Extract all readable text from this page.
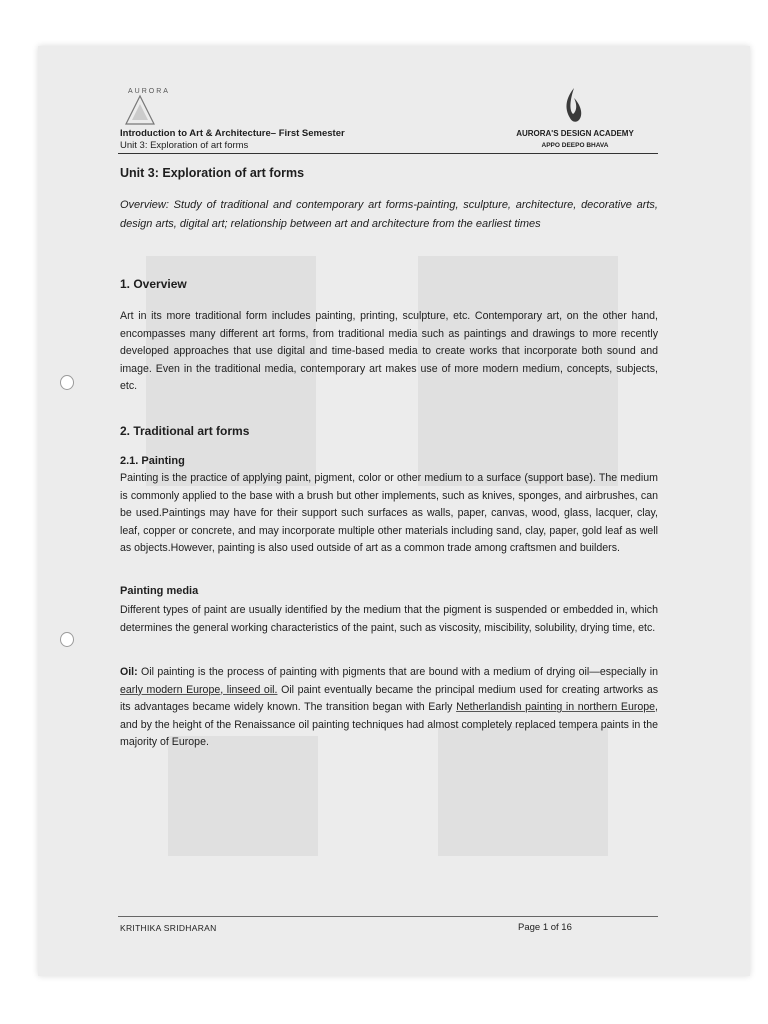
AURORA
Introduction to Art & Architecture– First Semester
Unit 3: Exploration of art forms
AURORA'S DESIGN ACADEMY
APPO DEEPO BHAVA
Unit 3: Exploration of art forms
Overview: Study of traditional and contemporary art forms-painting, sculpture, architecture, decorative arts, design arts, digital art; relationship between art and architecture from the earliest times
1. Overview
Art in its more traditional form includes painting, printing, sculpture, etc. Contemporary art, on the other hand, encompasses many different art forms, from traditional media such as paintings and drawings to more recently developed approaches that use digital and time-based media to create works that incorporate both sound and image. Even in the traditional media, contemporary art makes use of more modern medium, concepts, subjects, etc.
2. Traditional art forms
2.1. Painting
Painting is the practice of applying paint, pigment, color or other medium to a surface (support base). The medium is commonly applied to the base with a brush but other implements, such as knives, sponges, and airbrushes, can be used.Paintings may have for their support such surfaces as walls, paper, canvas, wood, glass, lacquer, clay, leaf, copper or concrete, and may incorporate multiple other materials including sand, clay, paper, gold leaf as well as objects.However, painting is also used outside of art as a common trade among craftsmen and builders.
Painting media
Different types of paint are usually identified by the medium that the pigment is suspended or embedded in, which determines the general working characteristics of the paint, such as viscosity, miscibility, solubility, drying time, etc.
Oil: Oil painting is the process of painting with pigments that are bound with a medium of drying oil—especially in early modern Europe, linseed oil. Oil paint eventually became the principal medium used for creating artworks as its advantages became widely known. The transition began with Early Netherlandish painting in northern Europe, and by the height of the Renaissance oil painting techniques had almost completely replaced tempera paints in the majority of Europe.
KRITHIKA SRIDHARAN	Page 1 of 16
